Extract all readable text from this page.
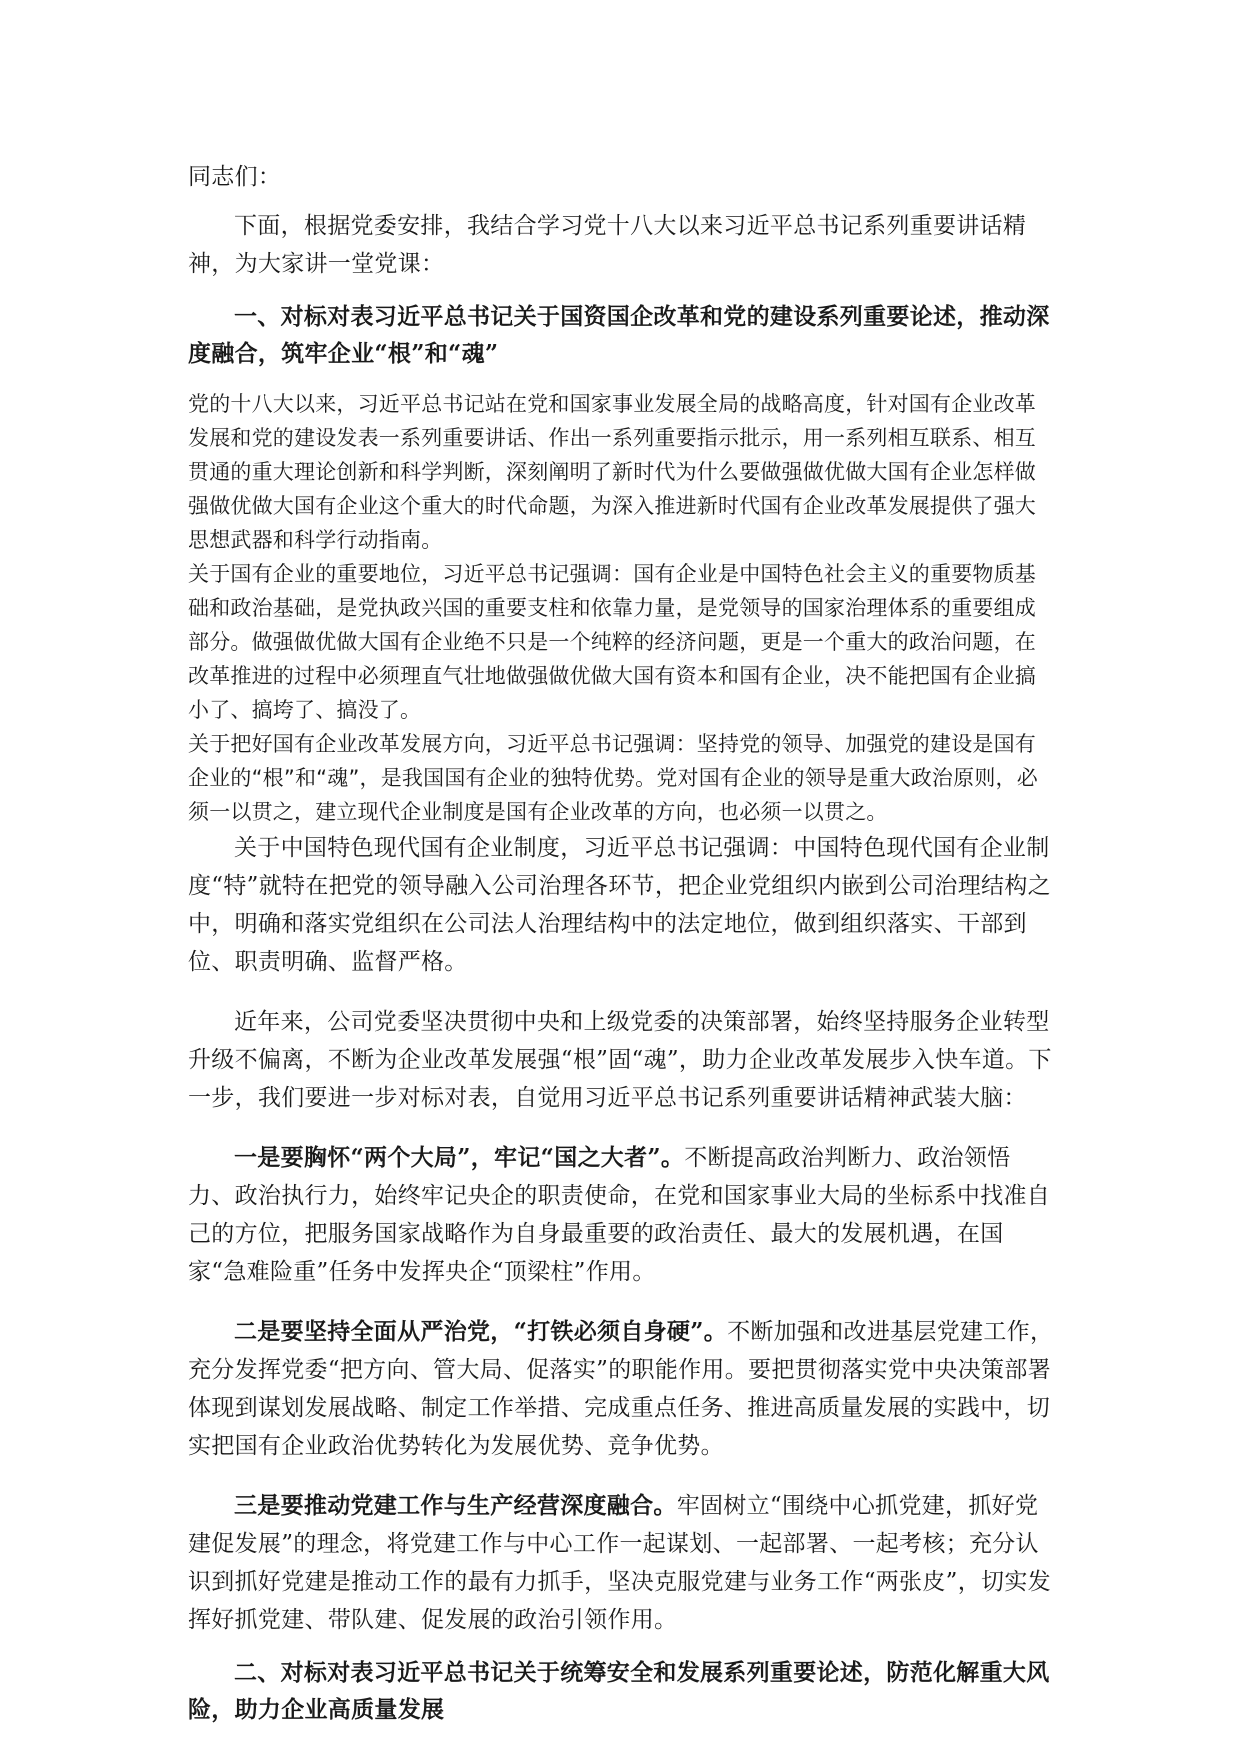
同志们：

下面，根据党委安排，我结合学习党十八大以来习近平总书记系列重要讲话精神，为大家讲一堂党课：

一、对标对表习近平总书记关于国资国企改革和党的建设系列重要论述，推动深度融合，筑牢企业“根”和“魂”

党的十八大以来，习近平总书记站在党和国家事业发展全局的战略高度，针对国有企业改革发展和党的建设发表一系列重要讲话、作出一系列重要指示批示，用一系列相互联系、相互贯通的重大理论创新和科学判断，深刻阐明了新时代为什么要做强做优做大国有企业怎样做强做优做大国有企业这个重大的时代命题，为深入推进新时代国有企业改革发展提供了强大思想武器和科学行动指南。

关于国有企业的重要地位，习近平总书记强调：国有企业是中国特色社会主义的重要物质基础和政治基础，是党执政兴国的重要支柱和依靠力量，是党领导的国家治理体系的重要组成部分。做强做优做大国有企业绝不只是一个纯粹的经济问题，更是一个重大的政治问题，在改革推进的过程中必须理直气壮地做强做优做大国有资本和国有企业，决不能把国有企业搞小了、搞垮了、搞没了。

关于把好国有企业改革发展方向，习近平总书记强调：坚持党的领导、加强党的建设是国有企业的“根”和“魂”，是我国国有企业的独特优势。党对国有企业的领导是重大政治原则，必须一以贯之，建立现代企业制度是国有企业改革的方向，也必须一以贯之。

关于中国特色现代国有企业制度，习近平总书记强调：中国特色现代国有企业制度“特”就特在把党的领导融入公司治理各环节，把企业党组织内嵌到公司治理结构之中，明确和落实党组织在公司法人治理结构中的法定地位，做到组织落实、干部到位、职责明确、监督严格。

近年来，公司党委坚决贯彻中央和上级党委的决策部署，始终坚持服务企业转型升级不偏离，不断为企业改革发展强“根”固“魂”，助力企业改革发展步入快车道。下一步，我们要进一步对标对表，自觉用习近平总书记系列重要讲话精神武装大脑：

一是要胸怀“两个大局”，牢记“国之大者”。不断提高政治判断力、政治领悟力、政治执行力，始终牢记央企的职责使命，在党和国家事业大局的坐标系中找准自己的方位，把服务国家战略作为自身最重要的政治责任、最大的发展机遇，在国家“急难险重”任务中发挥央企“顶梁柱”作用。

二是要坚持全面从严治党，“打铁必须自身硬”。不断加强和改进基层党建工作，充分发挥党委“把方向、管大局、促落实”的职能作用。要把贯彻落实党中央决策部署体现到谋划发展战略、制定工作举措、完成重点任务、推进高质量发展的实践中，切实把国有企业政治优势转化为发展优势、竞争优势。

三是要推动党建工作与生产经营深度融合。牢固树立“围绕中心抓党建，抓好党建促发展”的理念，将党建工作与中心工作一起谋划、一起部署、一起考核；充分认识到抓好党建是推动工作的最有力抓手，坚决克服党建与业务工作“两张皮”，切实发挥好抓党建、带队建、促发展的政治引领作用。

二、对标对表习近平总书记关于统筹安全和发展系列重要论述，防范化解重大风险，助力企业高质量发展
